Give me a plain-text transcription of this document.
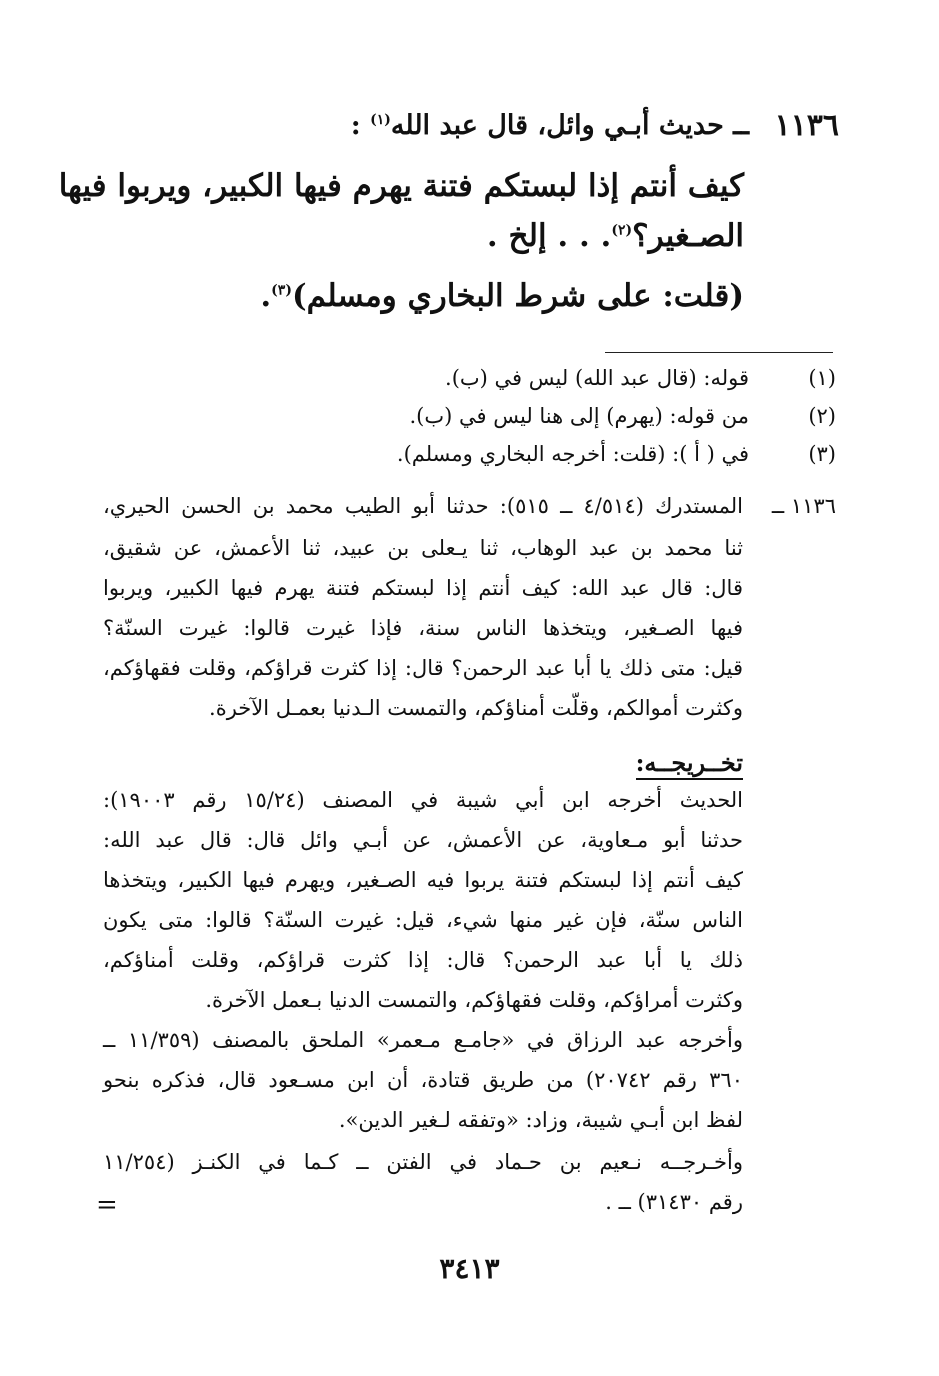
١١٣٦
ــ حديث أبـي وائل، قال عبد الله$^{(١)}$ :
كيف أنتم إذا لبستكم فتنة يهرم فيها الكبير، ويربوا فيها
الصـغير؟$^{(٢)}$. . . إلخ .
(قلت: على شرط البخاري ومسلم)$^{(٣)}$.
(١)
قوله: (قال عبد الله) ليس في (ب).
(٢)
من قوله: (يهرم) إلى هنا ليس في (ب).
(٣)
في ( أ ): (قلت: أخرجه البخاري ومسلم).
١١٣٦ ــ
المستدرك (٤/٥١٤ ــ ٥١٥): حدثنا أبو الطيب محمد بن الحسن الحيري،
ثنا محمد بن عبد الوهاب، ثنا يـعلى بن عبيد، ثنا الأعمش، عن شقيق،
قال: قال عبد الله: كيف أنتم إذا لبستكم فتنة يهرم فيها الكبير، ويربوا
فيها الصـغير، ويتخذها الناس سنة، فإذا غيرت قالوا: غيرت السنّة؟
قيل: متى ذلك يا أبا عبد الرحمن؟ قال: إذا كثرت قراؤكم، وقلت فقهاؤكم،
وكثرت أموالكم، وقلّت أمناؤكم، والتمست الـدنيا بعمـل الآخرة.
تخــريجــه:
الحديث أخرجه ابن أبي شيبة في المصنف (١٥/٢٤ رقم ١٩٠٠٣):
حدثنا أبو مـعاوية، عن الأعمش، عن أبـي وائل قال: قال عبد الله:
كيف أنتم إذا لبستكم فتنة يربوا فيه الصـغير، ويهرم فيها الكبير، ويتخذها
الناس سنّة، فإن غير منها شيء، قيل: غيرت السنّة؟ قالوا: متى يكون
ذلك يا أبا عبد الرحمن؟ قال: إذا كثرت قراؤكم، وقلت أمناؤكم،
وكثرت أمراؤكم، وقلت فقهاؤكم، والتمست الدنيا بـعمل الآخرة.
وأخرجه عبد الرزاق في «جامـع مـعمر» الملحق بالمصنف (١١/٣٥٩ ــ
٣٦٠ رقم ٢٠٧٤٢) من طريق قتادة، أن ابن مسـعود قال، فذكره بنحو
لفظ ابن أبـي شيبة، وزاد: «وتفقه لـغير الدين».
وأخـرجــه نـعيم بن حـماد في الفتن ــ كـما في الكنـز (١١/٢٥٤
رقم ٣١٤٣٠) ــ .
=
٣٤١٣
